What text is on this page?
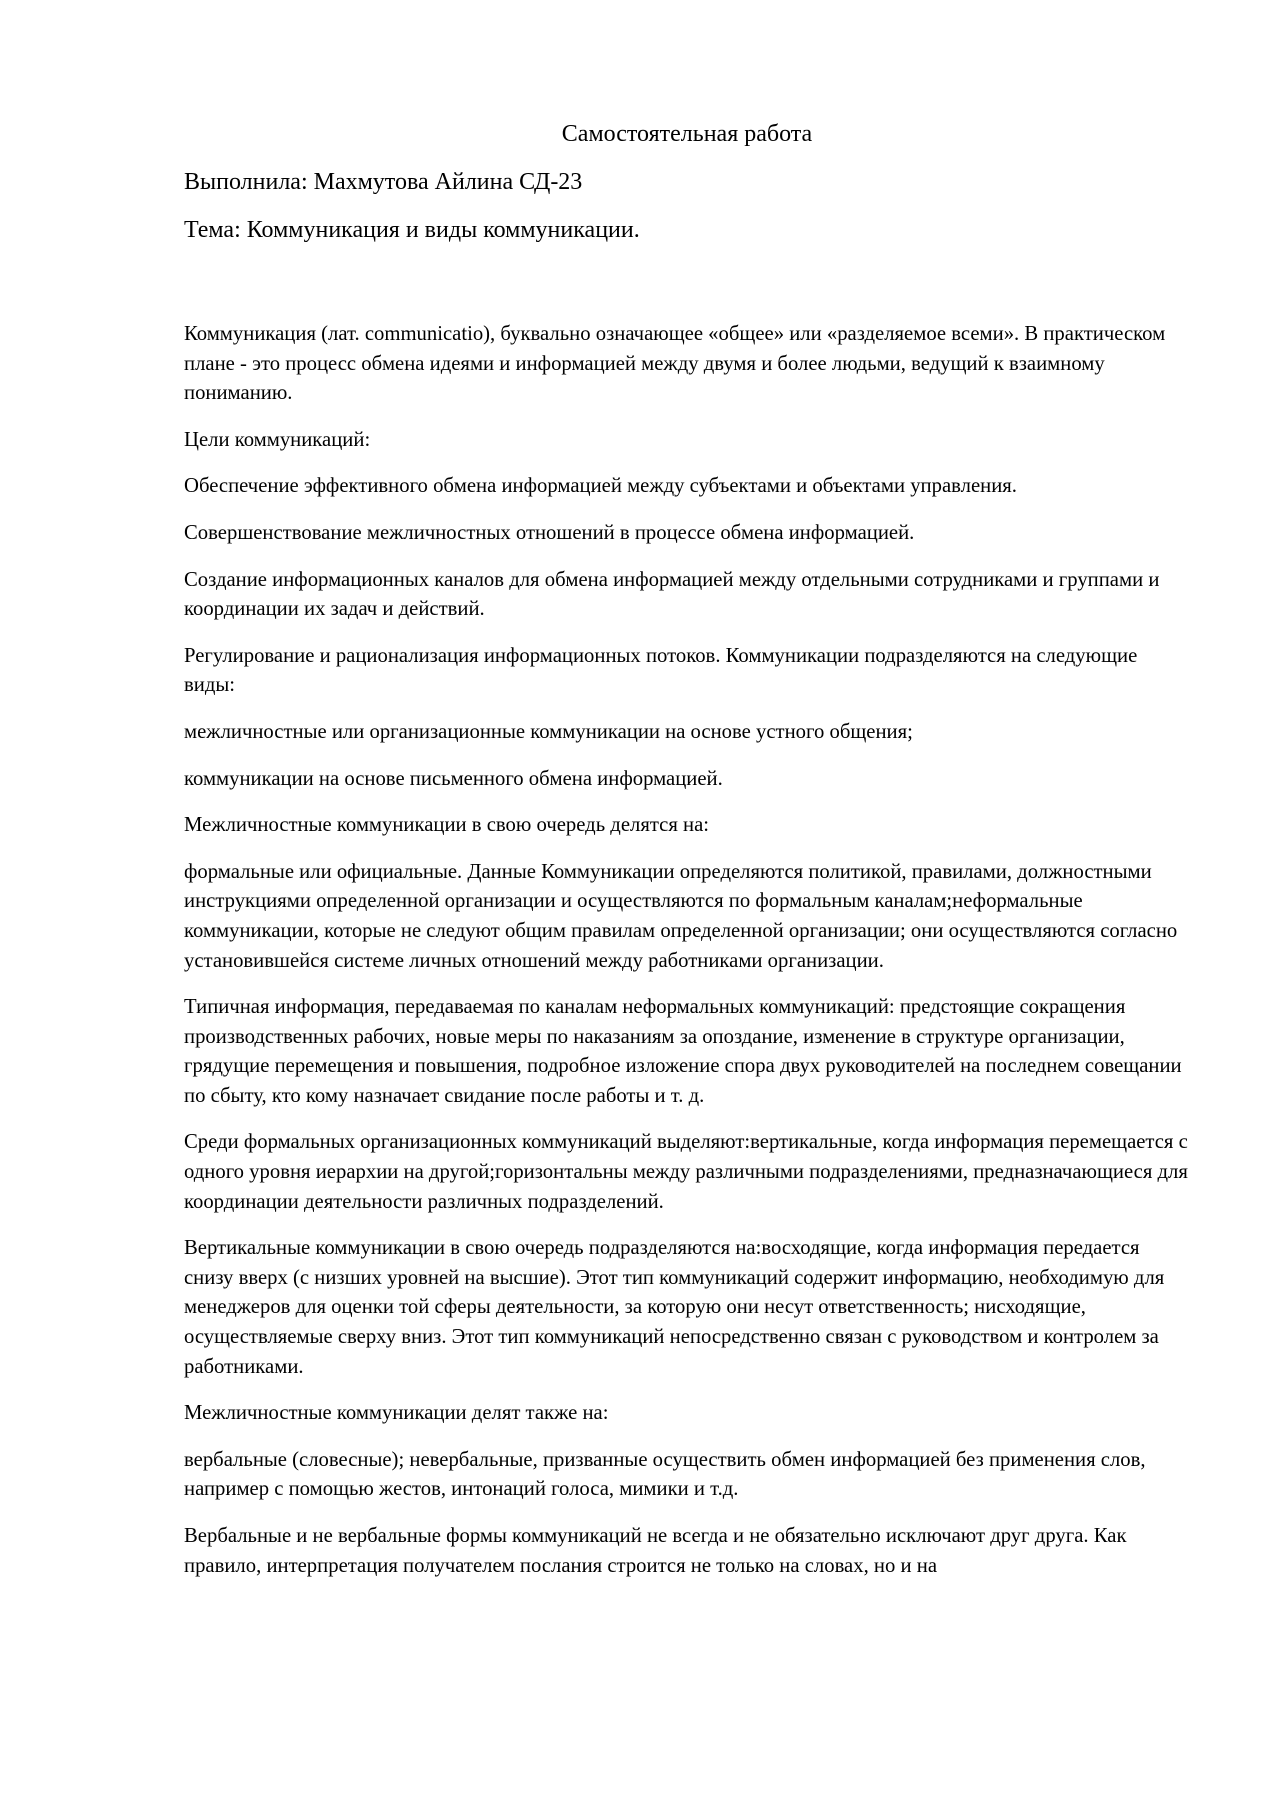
Самостоятельная работа
Выполнила: Махмутова Айлина СД-23
Тема: Коммуникация и виды коммуникации.

Коммуникация (лат. communicatio), буквально означающее «общее» или «разделяемое всеми». В практическом плане - это процесс обмена идеями и информацией между двумя и более людьми, ведущий к взаимному пониманию.

Цели коммуникаций:

Обеспечение эффективного обмена информацией между субъектами и объектами управления.

Совершенствование межличностных отношений в процессе обмена информацией.

Создание информационных каналов для обмена информацией между отдельными сотрудниками и группами и координации их задач и действий.

Регулирование и рационализация информационных потоков. Коммуникации подразделяются на следующие виды:

межличностные или организационные коммуникации на основе устного общения;

коммуникации на основе письменного обмена информацией.

Межличностные коммуникации в свою очередь делятся на:

формальные или официальные. Данные Коммуникации определяются политикой, правилами, должностными инструкциями определенной организации и осуществляются по формальным каналам;неформальные коммуникации, которые не следуют общим правилам определенной организации; они осуществляются согласно установившейся системе личных отношений между работниками организации.

Типичная информация, передаваемая по каналам неформальных коммуникаций: предстоящие сокращения производственных рабочих, новые меры по наказаниям за опоздание, изменение в структуре организации, грядущие перемещения и повышения, подробное изложение спора двух руководителей на последнем совещании по сбыту, кто кому назначает свидание после работы и т. д.

Среди формальных организационных коммуникаций выделяют:вертикальные, когда информация перемещается с одного уровня иерархии на другой;горизонтальны между различными подразделениями, предназначающиеся для координации деятельности различных подразделений.

Вертикальные коммуникации в свою очередь подразделяются на:восходящие, когда информация передается снизу вверх (с низших уровней на высшие). Этот тип коммуникаций содержит информацию, необходимую для менеджеров для оценки той сферы деятельности, за которую они несут ответственность; нисходящие, осуществляемые сверху вниз. Этот тип коммуникаций непосредственно связан с руководством и контролем за работниками.

Межличностные коммуникации делят также на:

вербальные (словесные); невербальные, призванные осуществить обмен информацией без применения слов, например с помощью жестов, интонаций голоса, мимики и т.д.

Вербальные и не вербальные формы коммуникаций не всегда и не обязательно исключают друг друга. Как правило, интерпретация получателем послания строится не только на словах, но и на
